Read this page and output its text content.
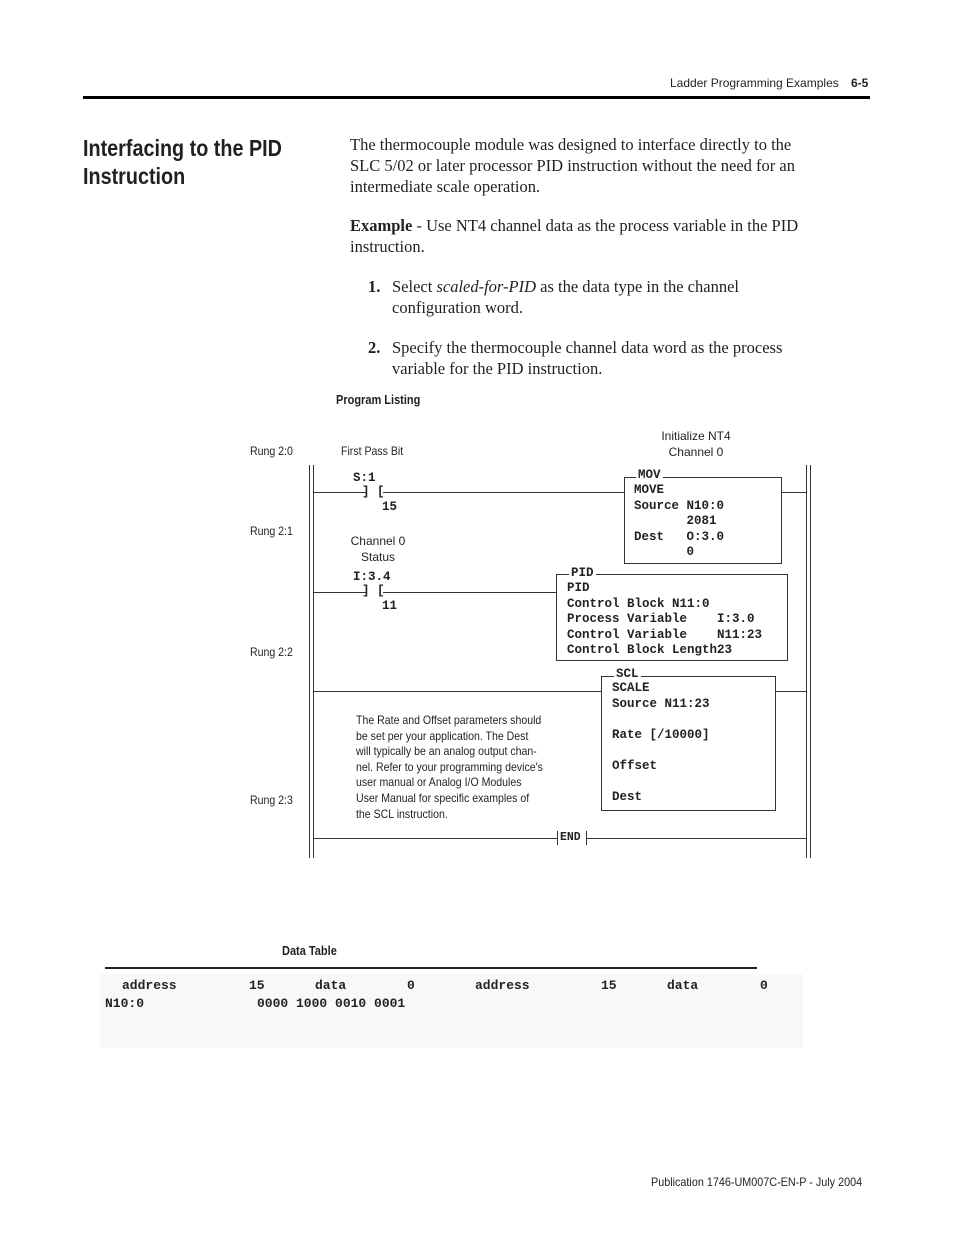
Ladder Programming Examples 6-5
Interfacing to the PID
Instruction
The thermocouple module was designed to interface directly to the
SLC 5/02 or later processor PID instruction without the need for an
intermediate scale operation.
Example - Use NT4 channel data as the process variable in the PID
instruction.
1. Select scaled-for-PID as the data type in the channel
configuration word.
2. Specify the thermocouple channel data word as the process
variable for the PID instruction.
Program Listing
Rung 2:0
Rung 2:1
Rung 2:2
Rung 2:3
First Pass Bit
Initialize NT4
Channel 0
Channel 0
Status
S:1
] [
15
MOV
MOVE
Source N10:0
2081
Dest   O:3.0
0
I:3.4
] [
11
PID
PID
Control Block N11:0
Process Variable    I:3.0
Control Variable    N11:23
Control Block Length23
SCL
SCALE
Source N11:23
Rate [/10000]
Offset
Dest
The Rate and Offset parameters should
be set per your application. The Dest
will typically be an analog output chan-
nel. Refer to your programming device's
user manual or Analog I/O Modules
User Manual for specific examples of
the SCL instruction.
END
Data Table
address	15	data	0	address	15	data	0
N10:0	0000 1000 0010 0001
Publication 1746-UM007C-EN-P - July 2004
